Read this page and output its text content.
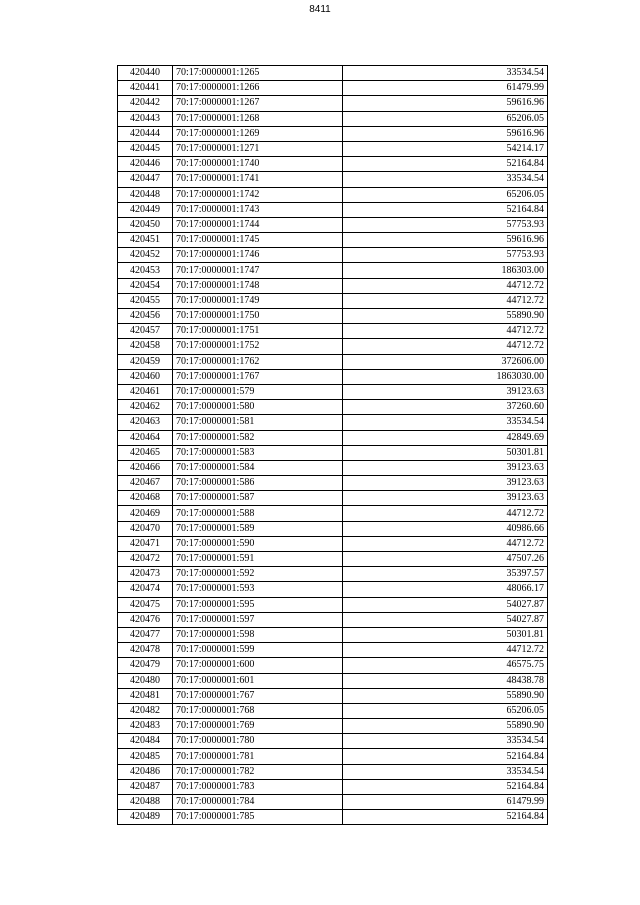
8411
420440	70:17:0000001:1265	33534.54
420441	70:17:0000001:1266	61479.99
420442	70:17:0000001:1267	59616.96
420443	70:17:0000001:1268	65206.05
420444	70:17:0000001:1269	59616.96
420445	70:17:0000001:1271	54214.17
420446	70:17:0000001:1740	52164.84
420447	70:17:0000001:1741	33534.54
420448	70:17:0000001:1742	65206.05
420449	70:17:0000001:1743	52164.84
420450	70:17:0000001:1744	57753.93
420451	70:17:0000001:1745	59616.96
420452	70:17:0000001:1746	57753.93
420453	70:17:0000001:1747	186303.00
420454	70:17:0000001:1748	44712.72
420455	70:17:0000001:1749	44712.72
420456	70:17:0000001:1750	55890.90
420457	70:17:0000001:1751	44712.72
420458	70:17:0000001:1752	44712.72
420459	70:17:0000001:1762	372606.00
420460	70:17:0000001:1767	1863030.00
420461	70:17:0000001:579	39123.63
420462	70:17:0000001:580	37260.60
420463	70:17:0000001:581	33534.54
420464	70:17:0000001:582	42849.69
420465	70:17:0000001:583	50301.81
420466	70:17:0000001:584	39123.63
420467	70:17:0000001:586	39123.63
420468	70:17:0000001:587	39123.63
420469	70:17:0000001:588	44712.72
420470	70:17:0000001:589	40986.66
420471	70:17:0000001:590	44712.72
420472	70:17:0000001:591	47507.26
420473	70:17:0000001:592	35397.57
420474	70:17:0000001:593	48066.17
420475	70:17:0000001:595	54027.87
420476	70:17:0000001:597	54027.87
420477	70:17:0000001:598	50301.81
420478	70:17:0000001:599	44712.72
420479	70:17:0000001:600	46575.75
420480	70:17:0000001:601	48438.78
420481	70:17:0000001:767	55890.90
420482	70:17:0000001:768	65206.05
420483	70:17:0000001:769	55890.90
420484	70:17:0000001:780	33534.54
420485	70:17:0000001:781	52164.84
420486	70:17:0000001:782	33534.54
420487	70:17:0000001:783	52164.84
420488	70:17:0000001:784	61479.99
420489	70:17:0000001:785	52164.84
